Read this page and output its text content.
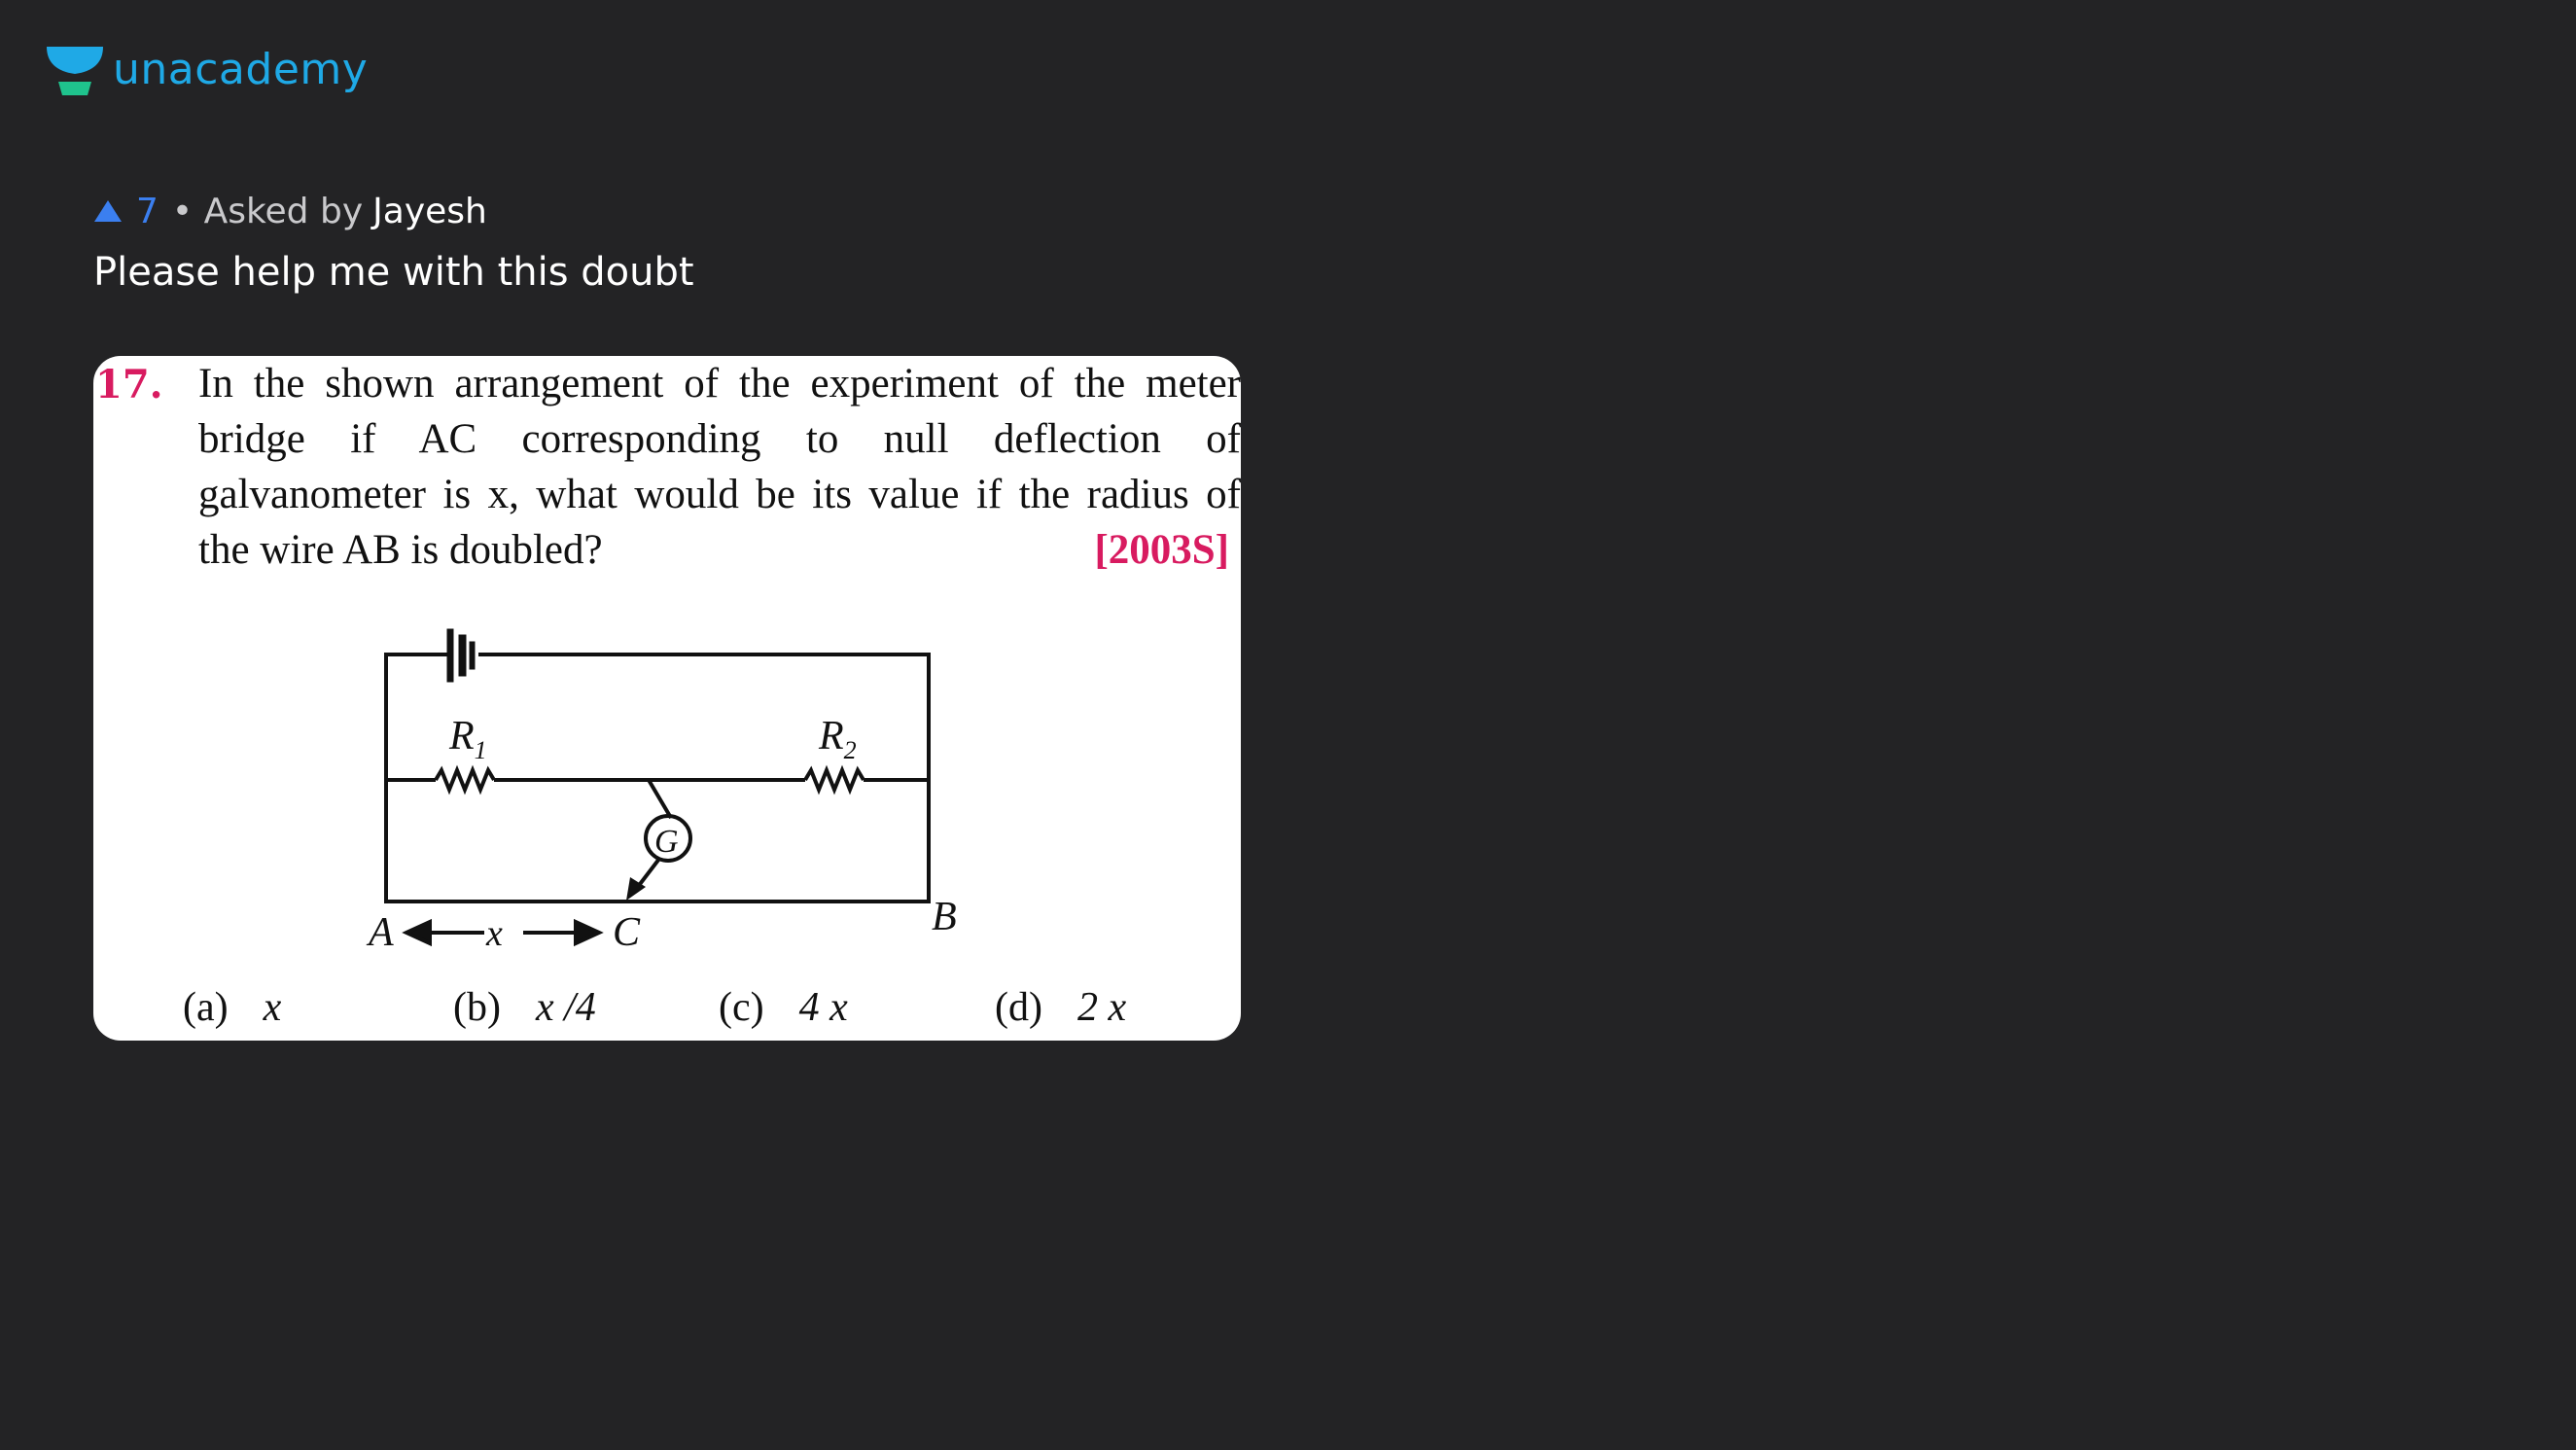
unacademy
7 • Asked by Jayesh
Please help me with this doubt
17. In the shown arrangement of the experiment of the meter
bridge if AC corresponding to null deflection of
galvanometer is x, what would be its value if the radius of
the wire AB is doubled?	[2003S]
$R_1$	$R_2$
G
A	x	C	B
(a) x	(b) x /4	(c) 4 x	(d) 2 x
